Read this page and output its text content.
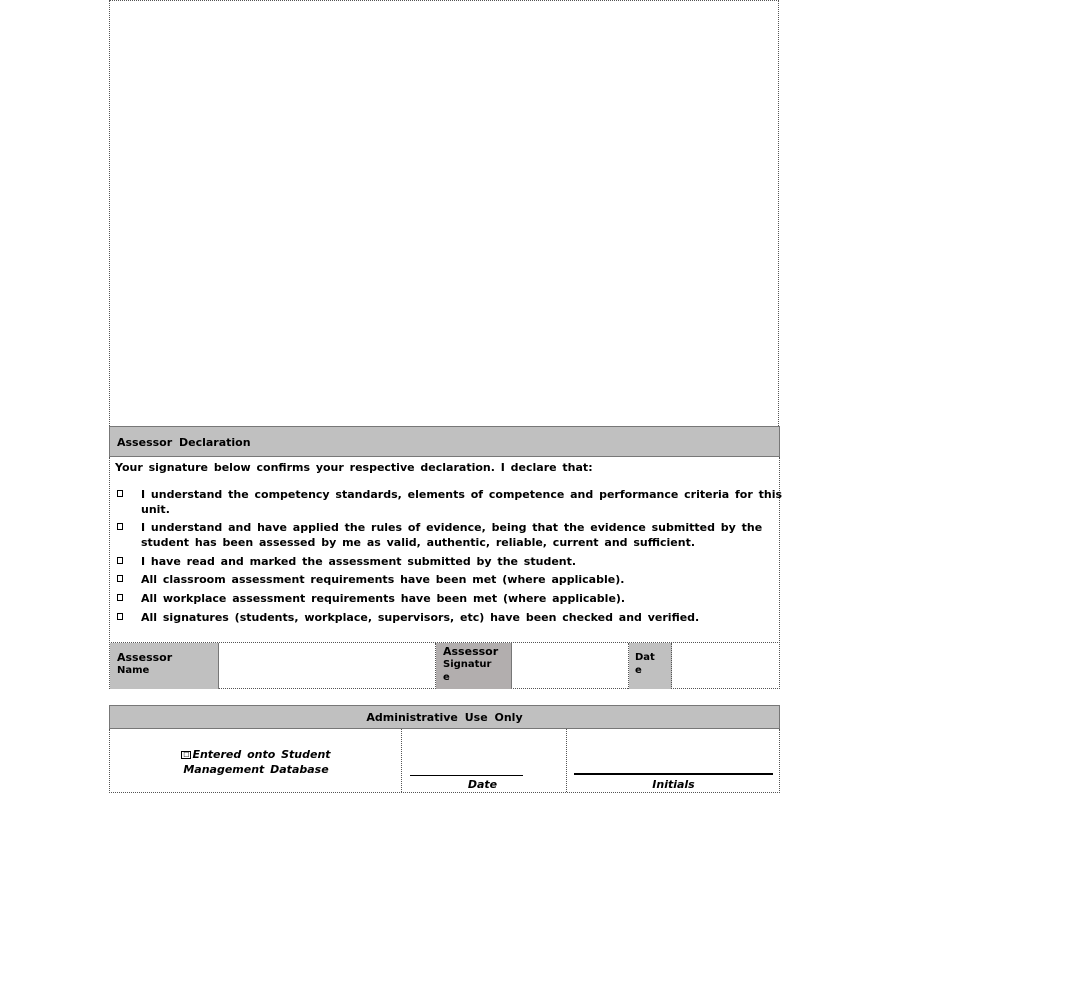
Assessor Declaration
Your signature below confirms your respective declaration. I declare that:
I understand the competency standards, elements of competence and performance criteria for this unit.
I understand and have applied the rules of evidence, being that the evidence submitted by the student has been assessed by me as valid, authentic, reliable, current and sufficient.
I have read and marked the assessment submitted by the student.
All classroom assessment requirements have been met (where applicable).
All workplace assessment requirements have been met (where applicable).
All signatures (students, workplace, supervisors, etc) have been checked and verified.
Assessor
Name
Assessor
Signatur
e
Dat
e
Administrative Use Only
☐ Entered onto Student Management Database
Date	Initials
